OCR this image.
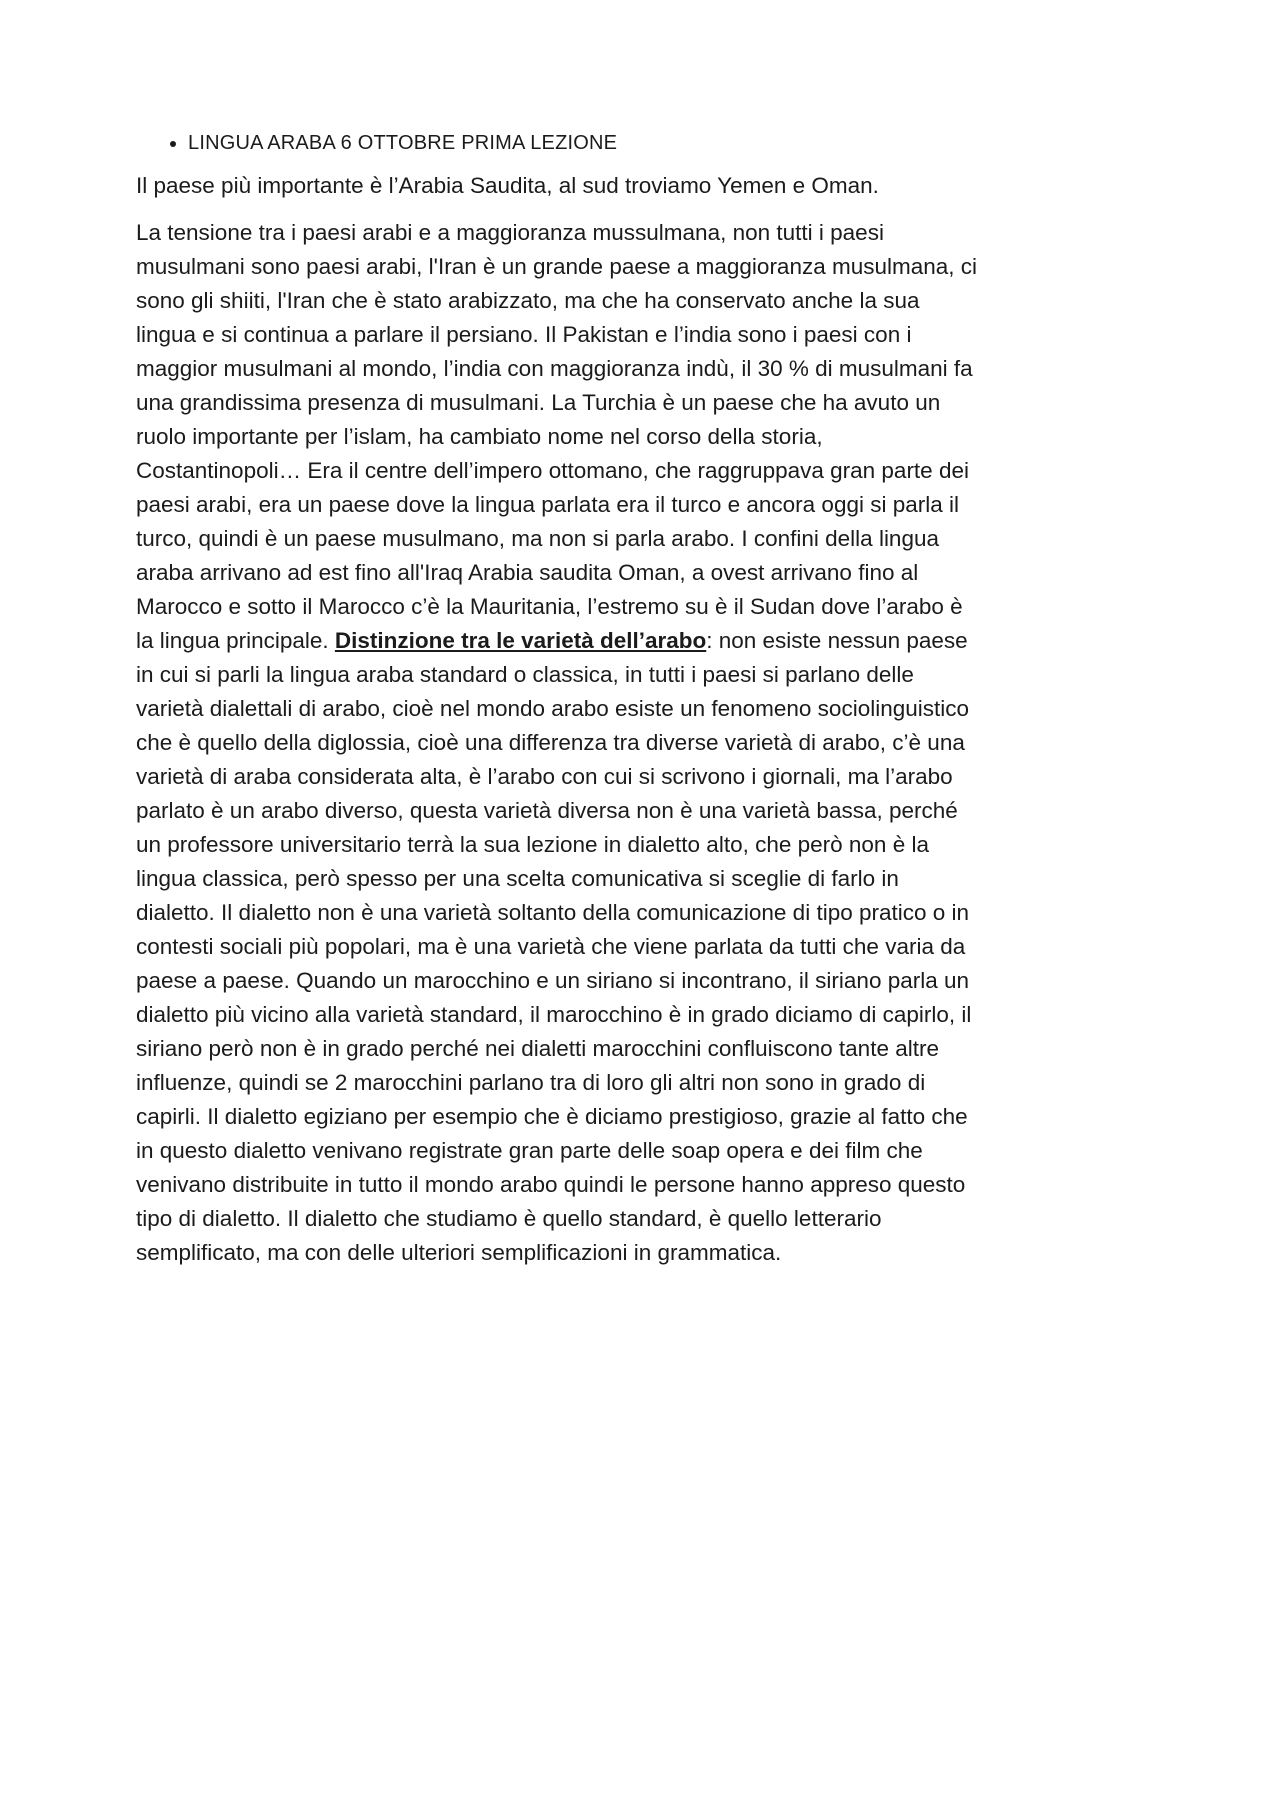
• LINGUA ARABA 6 OTTOBRE PRIMA LEZIONE

Il paese più importante è l’Arabia Saudita, al sud troviamo Yemen e Oman.

La tensione tra i paesi arabi e a maggioranza mussulmana, non tutti i paesi musulmani sono paesi arabi, l'Iran è un grande paese a maggioranza musulmana, ci sono gli shiiti, l'Iran che è stato arabizzato, ma che ha conservato anche la sua lingua e si continua a parlare il persiano. Il Pakistan e l’india sono i paesi con i maggior musulmani al mondo, l’india con maggioranza indù, il 30 % di musulmani fa una grandissima presenza di musulmani. La Turchia è un paese che ha avuto un ruolo importante per l’islam, ha cambiato nome nel corso della storia, Costantinopoli… Era il centre dell’impero ottomano, che raggruppava gran parte dei paesi arabi, era un paese dove la lingua parlata era il turco e ancora oggi si parla il turco, quindi è un paese musulmano, ma non si parla arabo. I confini della lingua araba arrivano ad est fino all'Iraq Arabia saudita Oman, a ovest arrivano fino al Marocco e sotto il Marocco c’è la Mauritania, l’estremo su è il Sudan dove l’arabo è la lingua principale. Distinzione tra le varietà dell’arabo: non esiste nessun paese in cui si parli la lingua araba standard o classica, in tutti i paesi si parlano delle varietà dialettali di arabo, cioè nel mondo arabo esiste un fenomeno sociolinguistico che è quello della diglossia, cioè una differenza tra diverse varietà di arabo, c’è una varietà di araba considerata alta, è l’arabo con cui si scrivono i giornali, ma l’arabo parlato è un arabo diverso, questa varietà diversa non è una varietà bassa, perché un professore universitario terrà la sua lezione in dialetto alto, che però non è la lingua classica, però spesso per una scelta comunicativa si sceglie di farlo in dialetto. Il dialetto non è una varietà soltanto della comunicazione di tipo pratico o in contesti sociali più popolari, ma è una varietà che viene parlata da tutti che varia da paese a paese. Quando un marocchino e un siriano si incontrano, il siriano parla un dialetto più vicino alla varietà standard, il marocchino è in grado diciamo di capirlo, il siriano però non è in grado perché nei dialetti marocchini confluiscono tante altre influenze, quindi se 2 marocchini parlano tra di loro gli altri non sono in grado di capirli. Il dialetto egiziano per esempio che è diciamo prestigioso, grazie al fatto che in questo dialetto venivano registrate gran parte delle soap opera e dei film che venivano distribuite in tutto il mondo arabo quindi le persone hanno appreso questo tipo di dialetto. Il dialetto che studiamo è quello standard, è quello letterario semplificato, ma con delle ulteriori semplificazioni in grammatica.
